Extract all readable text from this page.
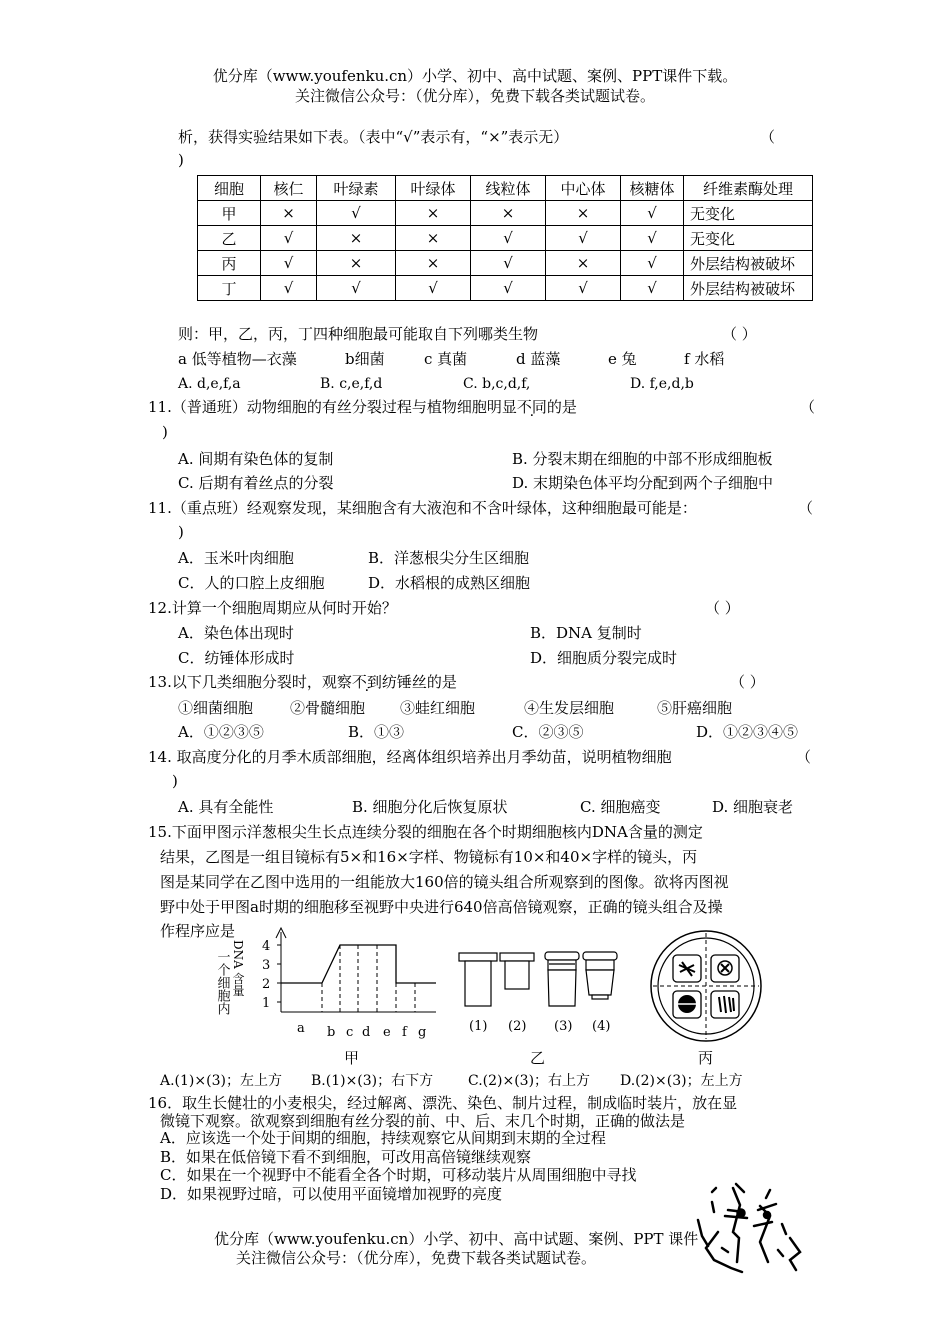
优分库（www.youfenku.cn）小学、初中、高中试题、案例、PPT课件下载。
关注微信公众号：（优分库），免费下载各类试题试卷。
析，获得实验结果如下表。（表中“√”表示有，“×”表示无）	（
)
细胞	核仁	叶绿素	叶绿体	线粒体	中心体	核糖体	纤维素酶处理
甲	×	√	×	×	×	√	无变化
乙	√	×	×	√	√	√	无变化
丙	√	×	×	√	×	√	外层结构被破坏
丁	√	√	√	√	√	√	外层结构被破坏
则：甲，乙，丙，丁四种细胞最可能取自下列哪类生物	（ ）
a 低等植物—衣藻	b细菌	c 真菌	d 蓝藻	e 兔	f 水稻
A. d,e,f,a	B. c,e,f,d	C. b,c,d,f,	D. f,e,d,b
11.（普通班）动物细胞的有丝分裂过程与植物细胞明显不同的是	（
)
A. 间期有染色体的复制	B. 分裂末期在细胞的中部不形成细胞板
C. 后期有着丝点的分裂	D. 末期染色体平均分配到两个子细胞中
11.（重点班）经观察发现，某细胞含有大液泡和不含叶绿体，这种细胞最可能是：	（
)
A．玉米叶肉细胞	B．洋葱根尖分生区细胞
C．人的口腔上皮细胞	D．水稻根的成熟区细胞
12.计算一个细胞周期应从何时开始？	（ ）
A．染色体出现时	B．DNA 复制时
C．纺锤体形成时	D．细胞质分裂完成时
13.以下几类细胞分裂时，观察不到纺锤丝的是	（ ）
①细菌细胞 ②骨髓细胞 ③蛙红细胞	④生发层细胞	⑤肝癌细胞
A．①②③⑤	B．①③	C．②③⑤	D．①②③④⑤
14. 取高度分化的月季木质部细胞，经离体组织培养出月季幼苗，说明植物细胞	（
)
A. 具有全能性	B. 细胞分化后恢复原状	C. 细胞癌变	D. 细胞衰老
15.下面甲图示洋葱根尖生长点连续分裂的细胞在各个时期细胞核内DNA含量的测定
结果，乙图是一组目镜标有5×和16×字样、物镜标有10×和40×字样的镜头，丙
图是某同学在乙图中选用的一组能放大160倍的镜头组合所观察到的图像。欲将丙图视
野中处于甲图a时期的细胞移至视野中央进行640倍高倍镜观察，正确的镜头组合及操
作程序应是
一个细胞内 DNA 含量 4
3
2
1
a b c d e f g
甲
(1) (2) (3) (4)
乙	丙
A.(1)×(3)；左上方 B.(1)×(3)；右下方 C.(2)×(3)；右上方 D.(2)×(3)；左上方
16．取生长健壮的小麦根尖，经过解离、漂洗、染色、制片过程，制成临时装片，放在显
微镜下观察。欲观察到细胞有丝分裂的前、中、后、末几个时期，正确的做法是
A．应该选一个处于间期的细胞，持续观察它从间期到末期的全过程
B．如果在低倍镜下看不到细胞，可改用高倍镜继续观察
C．如果在一个视野中不能看全各个时期，可移动装片从周围细胞中寻找
D．如果视野过暗，可以使用平面镜增加视野的亮度
优分库（www.youfenku.cn）小学、初中、高中试题、案例、PPT 课件
关注微信公众号：（优分库），免费下载各类试题试卷。
